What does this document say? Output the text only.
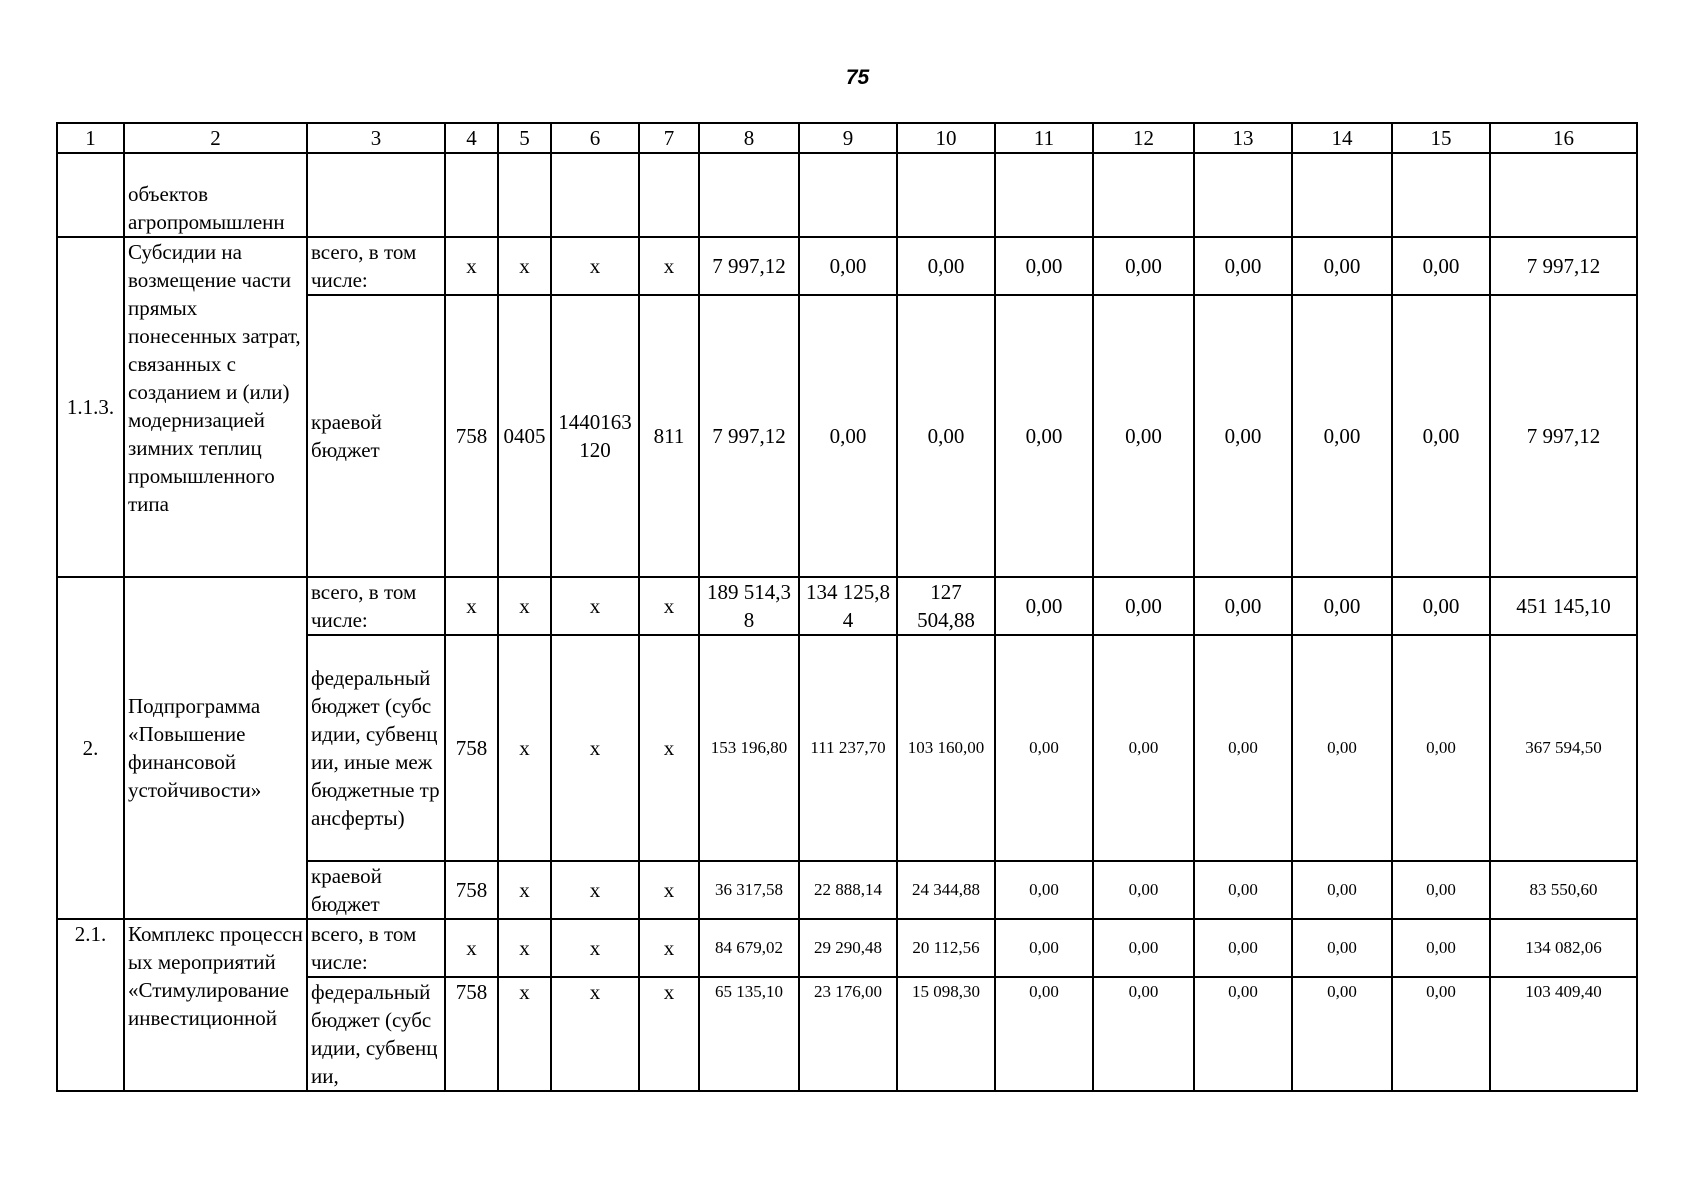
75
1	2	3	4	5	6	7	8	9	10	11	12	13	14	15	16	

	объектов агропромышленн															

1.1.3.	Субсидии на возмещение части прямых понесенных затрат, связанных с созданием и (или) модернизацией зимних теплиц промышленного типа	всего, в том числе:	х	х	х	х	7 997,12	0,00	0,00	0,00	0,00	0,00	0,00	0,00	7 997,12	
		краевой бюджет	758	0405	1440163120	811	7 997,12	0,00	0,00	0,00	0,00	0,00	0,00	0,00	7 997,12	
2.	Подпрограмма «Повышение финансовой устойчивости»	всего, в том числе:	х	х	х	х	189 514,38	134 125,84	127 504,88	0,00	0,00	0,00	0,00	0,00	451 145,10	
		федеральный бюджет (субсидии, субвенции, иные межбюджетные трансферты)	758	х	х	х	153 196,80	111 237,70	103 160,00	0,00	0,00	0,00	0,00	0,00	367 594,50	
		краевой бюджет	758	х	х	х	36 317,58	22 888,14	24 344,88	0,00	0,00	0,00	0,00	0,00	83 550,60	
2.1.	Комплекс процессных мероприятий «Стимулирование инвестиционной	всего, в том числе:	х	х	х	х	84 679,02	29 290,48	20 112,56	0,00	0,00	0,00	0,00	0,00	134 082,06	
		федеральный бюджет (субсидии, субвенции,	758	х	х	х	65 135,10	23 176,00	15 098,30	0,00	0,00	0,00	0,00	0,00	103 409,40	
